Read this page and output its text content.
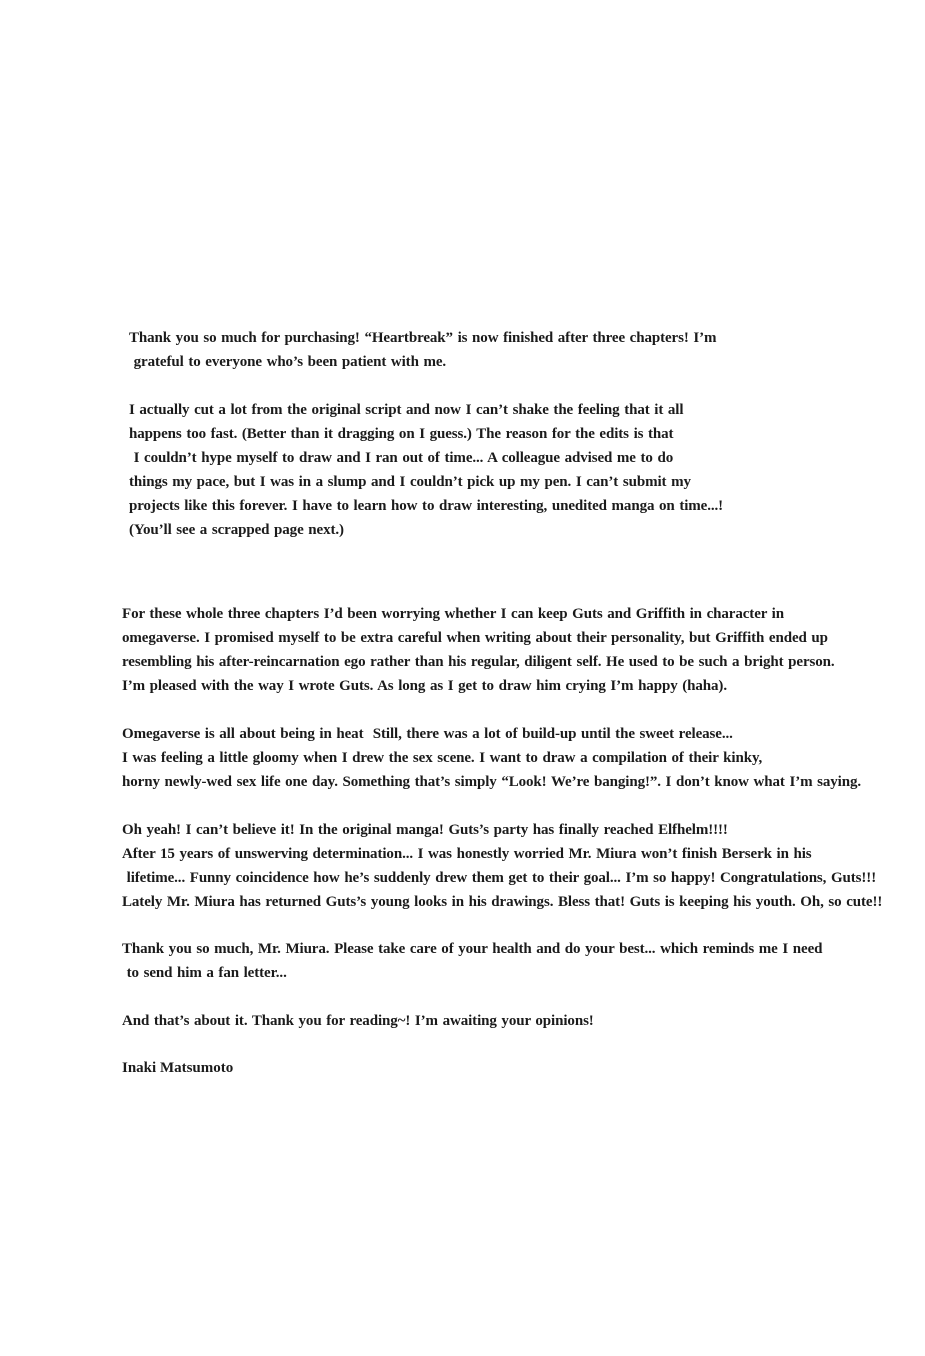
Thank you so much for purchasing! “Heartbreak” is now finished after three chapters! I’m
grateful to everyone who’s been patient with me.
I actually cut a lot from the original script and now I can’t shake the feeling that it all
happens too fast. (Better than it dragging on I guess.) The reason for the edits is that
I couldn’t hype myself to draw and I ran out of time... A colleague advised me to do
things my pace, but I was in a slump and I couldn’t pick up my pen. I can’t submit my
projects like this forever. I have to learn how to draw interesting, unedited manga on time...!
(You’ll see a scrapped page next.)
For these whole three chapters I’d been worrying whether I can keep Guts and Griffith in character in
omegaverse. I promised myself to be extra careful when writing about their personality, but Griffith ended up
resembling his after-reincarnation ego rather than his regular, diligent self. He used to be such a bright person.
I’m pleased with the way I wrote Guts. As long as I get to draw him crying I’m happy (haha).
Omegaverse is all about being in heat  Still, there was a lot of build-up until the sweet release...
I was feeling a little gloomy when I drew the sex scene. I want to draw a compilation of their kinky,
horny newly-wed sex life one day. Something that’s simply “Look! We’re banging!”. I don’t know what I’m saying.
Oh yeah! I can’t believe it! In the original manga! Guts’s party has finally reached Elfhelm!!!!
After 15 years of unswerving determination... I was honestly worried Mr. Miura won’t finish Berserk in his
lifetime... Funny coincidence how he’s suddenly drew them get to their goal... I’m so happy! Congratulations, Guts!!!
Lately Mr. Miura has returned Guts’s young looks in his drawings. Bless that! Guts is keeping his youth. Oh, so cute!!
Thank you so much, Mr. Miura. Please take care of your health and do your best... which reminds me I need
to send him a fan letter...
And that’s about it. Thank you for reading~! I’m awaiting your opinions!
Inaki Matsumoto
